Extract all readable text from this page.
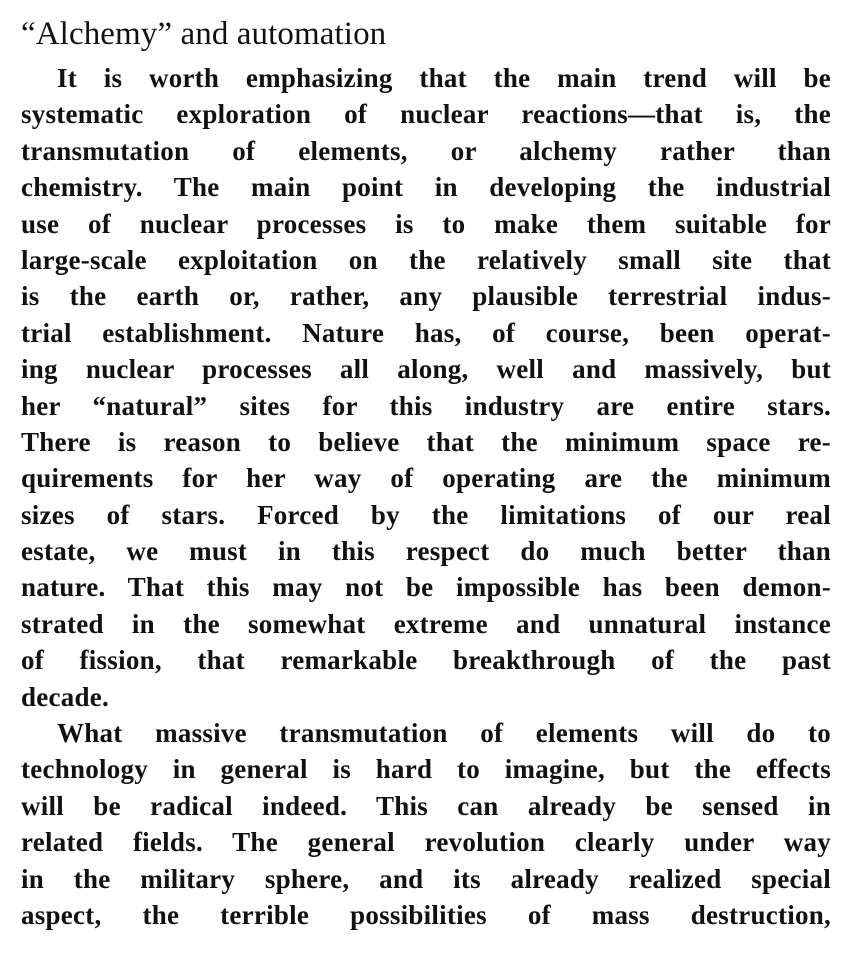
“Alchemy” and automation
It is worth emphasizing that the main trend will be
systematic exploration of nuclear reactions—that is, the
transmutation of elements, or alchemy rather than
chemistry. The main point in developing the industrial
use of nuclear processes is to make them suitable for
large-scale exploitation on the relatively small site that
is the earth or, rather, any plausible terrestrial indus-
trial establishment. Nature has, of course, been operat-
ing nuclear processes all along, well and massively, but
her “natural” sites for this industry are entire stars.
There is reason to believe that the minimum space re-
quirements for her way of operating are the minimum
sizes of stars. Forced by the limitations of our real
estate, we must in this respect do much better than
nature. That this may not be impossible has been demon-
strated in the somewhat extreme and unnatural instance
of fission, that remarkable breakthrough of the past
decade.
What massive transmutation of elements will do to
technology in general is hard to imagine, but the effects
will be radical indeed. This can already be sensed in
related fields. The general revolution clearly under way
in the military sphere, and its already realized special
aspect, the terrible possibilities of mass destruction,
